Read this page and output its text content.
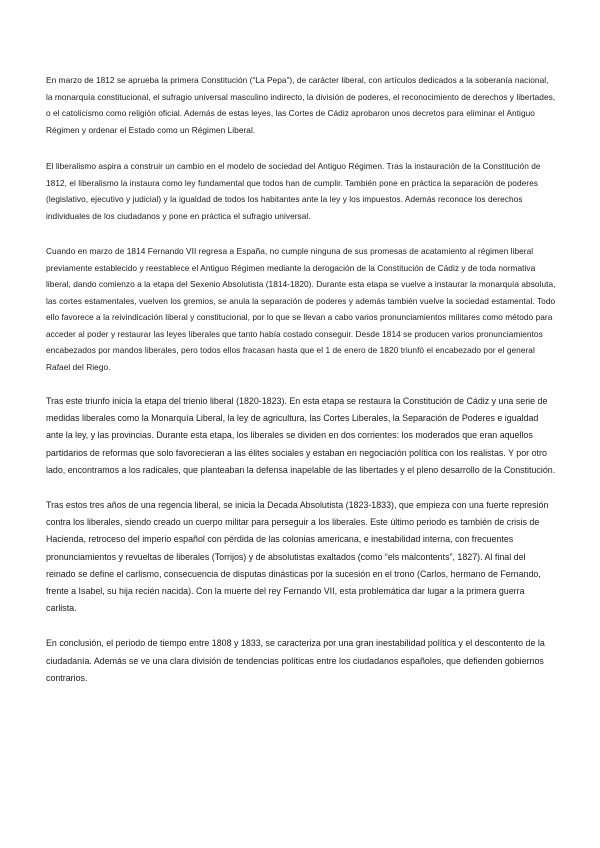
En marzo de 1812 se aprueba la primera Constitución (“La Pepa”), de carácter liberal, con artículos dedicados a la soberanía nacional, la monarquía constitucional, el sufragio universal masculino indirecto, la división de poderes, el reconocimiento de derechos y libertades, o el catolicismo como religión oficial. Además de estas leyes, las Cortes de Cádiz aprobaron unos decretos para eliminar el Antiguo Régimen y ordenar el Estado como un Régimen Liberal.

El liberalismo aspira a construir un cambio en el modelo de sociedad del Antiguo Régimen. Tras la instauración de la Constitución de 1812, el liberalismo la instaura como ley fundamental que todos han de cumplir. También pone en práctica la separación de poderes (legislativo, ejecutivo y judicial) y la igualdad de todos los habitantes ante la ley y los impuestos. Además reconoce los derechos individuales de los ciudadanos y pone en práctica el sufragio universal.

Cuando en marzo de 1814 Fernando VII regresa a España, no cumple ninguna de sus promesas de acatamiento al régimen liberal previamente establecido y reestablece el Antiguo Régimen mediante la derogación de la Constitución de Cádiz y de toda normativa liberal, dando comienzo a la etapa del Sexenio Absolutista (1814-1820). Durante esta etapa se vuelve a instaurar la monarquía absoluta, las cortes estamentales, vuelven los gremios, se anula la separación de poderes y además también vuelve la sociedad estamental. Todo ello favorece a la reivindicación liberal y constitucional, por lo que se llevan a cabo varios pronunciamientos militares como método para acceder al poder y restaurar las leyes liberales que tanto había costado conseguir. Desde 1814 se producen varios pronunciamientos encabezados por mandos liberales, pero todos ellos fracasan hasta que el 1 de enero de 1820 triunfó el encabezado por el general Rafael del Riego.

Tras este triunfo inicia la etapa del trienio liberal (1820-1823). En esta etapa se restaura la Constitución de Cádiz y una serie de medidas liberales como la Monarquía Liberal, la ley de agricultura, las Cortes Liberales, la Separación de Poderes e igualdad ante la ley, y las provincias. Durante esta etapa, los liberales se dividen en dos corrientes: los moderados que eran aquellos partidarios de reformas que solo favorecieran a las élites sociales y estaban en negociación política con los realistas. Y por otro lado, encontramos a los radicales, que planteaban la defensa inapelable de las libertades y el pleno desarrollo de la Constitución.

Tras estos tres años de una regencia liberal, se inicia la Decada Absolutista (1823-1833), que empieza con una fuerte represión contra los liberales, siendo creado un cuerpo militar para perseguir a los liberales. Este último periodo es también de crisis de Hacienda, retroceso del imperio español con pérdida de las colonias americana, e inestabilidad interna, con frecuentes pronunciamientos y revueltas de liberales (Torrijos) y de absolutistas exaltados (como “els malcontents”, 1827). Al final del reinado se define el carlismo, consecuencia de disputas dinásticas por la sucesión en el trono (Carlos, hermano de Fernando, frente a Isabel, su hija recién nacida). Con la muerte del rey Fernando VII, esta problemática dar lugar a la primera guerra carlista.

En conclusión, el periodo de tiempo entre 1808 y 1833, se caracteriza por una gran inestabilidad política y el descontento de la ciudadanía. Además se ve una clara división de tendencias políticas entre los ciudadanos españoles, que defienden gobiernos contrarios.
